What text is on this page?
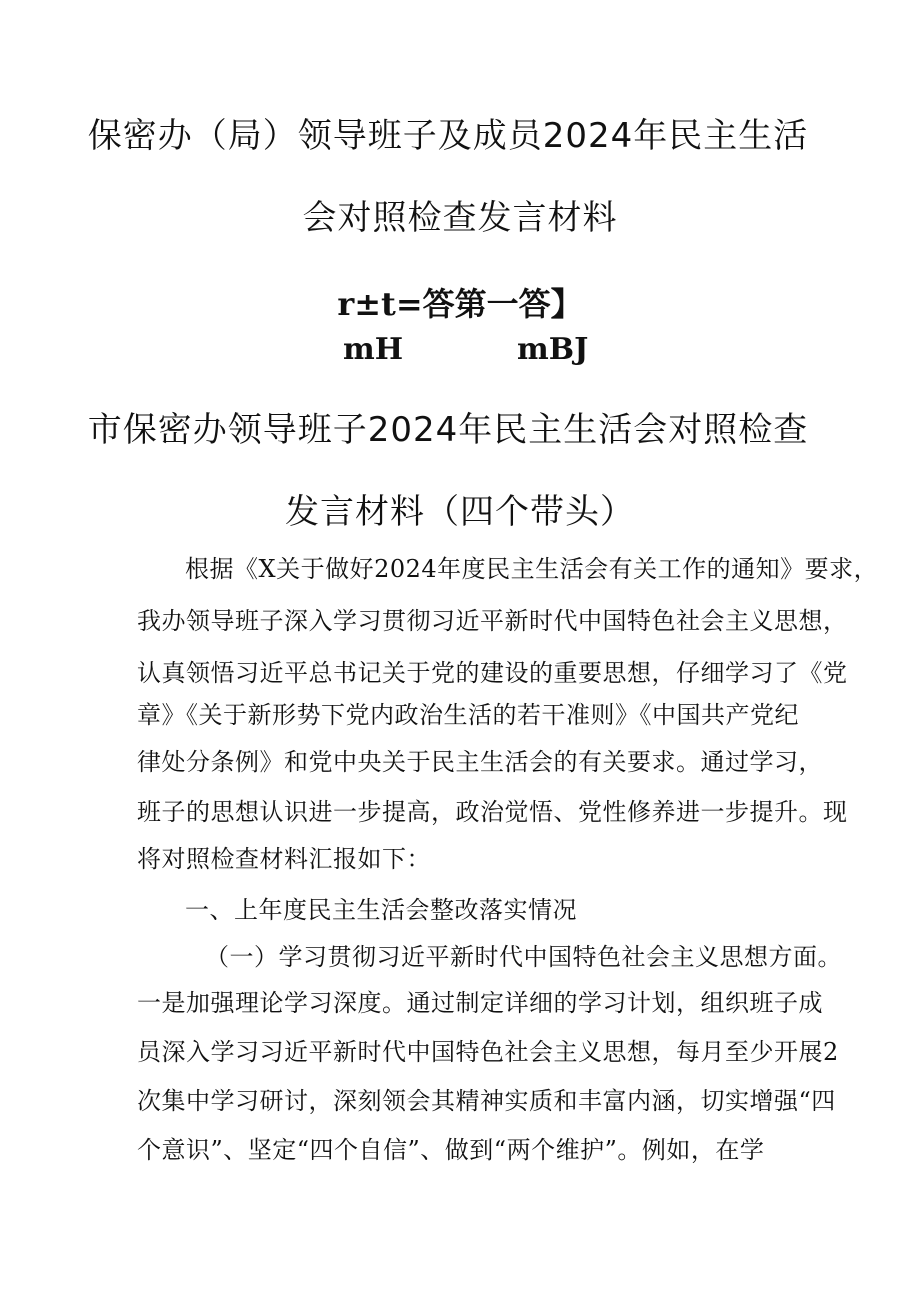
保密办（局）领导班子及成员2024年民主生活
会对照检查发言材料
r±t=答第一答】
mH	mBJ
市保密办领导班子2024年民主生活会对照检查
发言材料（四个带头）
根据《X关于做好2024年度民主生活会有关工作的通知》要求，
我办领导班子深入学习贯彻习近平新时代中国特色社会主义思想，
认真领悟习近平总书记关于党的建设的重要思想，仔细学习了《党
章》《关于新形势下党内政治生活的若干准则》《中国共产党纪
律处分条例》和党中央关于民主生活会的有关要求。通过学习，
班子的思想认识进一步提高，政治觉悟、党性修养进一步提升。现
将对照检查材料汇报如下：
一、上年度民主生活会整改落实情况
（一）学习贯彻习近平新时代中国特色社会主义思想方面。
一是加强理论学习深度。通过制定详细的学习计划，组织班子成
员深入学习习近平新时代中国特色社会主义思想，每月至少开展2
次集中学习研讨，深刻领会其精神实质和丰富内涵，切实增强“四
个意识”、坚定“四个自信”、做到“两个维护”。例如，在学
